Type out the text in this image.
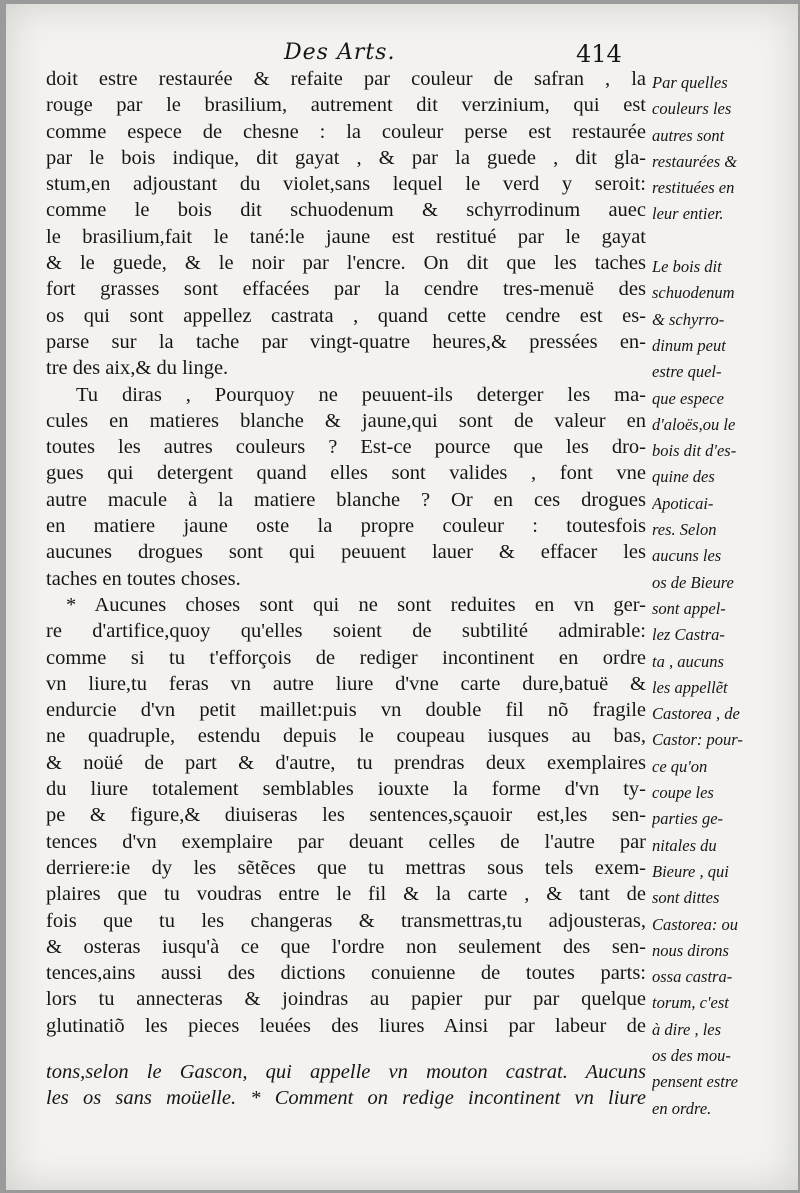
Des Arts.	414
doit estre restaurée & refaite par couleur de safran , la
rouge par le brasilium, autrement dit verzinium, qui est
comme espece de chesne : la couleur perse est restaurée
par le bois indique, dit gayat , & par la guede , dit gla-
stum,en adjoustant du violet,sans lequel le verd y seroit:
comme le bois dit schuodenum & schyrrodinum auec
le brasilium,fait le tané:le jaune est restitué par le gayat
& le guede, & le noir par l'encre. On dit que les taches
fort grasses sont effacées par la cendre tres-menuë des
os qui sont appellez castrata , quand cette cendre est es-
parse sur la tache par vingt-quatre heures,& pressées en-
tre des aix,& du linge.
Tu diras , Pourquoy ne peuuent-ils deterger les ma-
cules en matieres blanche & jaune,qui sont de valeur en
toutes les autres couleurs ? Est-ce pource que les dro-
gues qui detergent quand elles sont valides , font vne
autre macule à la matiere blanche ? Or en ces drogues
en matiere jaune oste la propre couleur : toutesfois
aucunes drogues sont qui peuuent lauer & effacer les
taches en toutes choses.
* Aucunes choses sont qui ne sont reduites en vn ger-
re d'artifice,quoy qu'elles soient de subtilité admirable:
comme si tu t'efforçois de rediger incontinent en ordre
vn liure,tu feras vn autre liure d'vne carte dure,batuë &
endurcie d'vn petit maillet:puis vn double fil nõ fragile
ne quadruple, estendu depuis le coupeau iusques au bas,
& noüé de part & d'autre, tu prendras deux exemplaires
du liure totalement semblables iouxte la forme d'vn ty-
pe & figure,& diuiseras les sentences,sçauoir est,les sen-
tences d'vn exemplaire par deuant celles de l'autre par
derriere:ie dy les sẽtẽces que tu mettras sous tels exem-
plaires que tu voudras entre le fil & la carte , & tant de
fois que tu les changeras & transmettras,tu adjousteras,
& osteras iusqu'à ce que l'ordre non seulement des sen-
tences,ains aussi des dictions conuienne de toutes parts:
lors tu annecteras & joindras au papier pur par quelque
glutinatiõ les pieces leuées des liures Ainsi par labeur de
tons,selon le Gascon, qui appelle vn mouton castrat. Aucuns
les os sans moüelle. * Comment on redige incontinent vn liure
Par quelles
couleurs les
autres sont
restaurées &
restituées en
leur entier.
Le bois dit
schuodenum
& schyrro-
dinum peut
estre quel-
que espece
d'aloës,ou le
bois dit d'es-
quine des
Apoticai-
res. Selon
aucuns les
os de Bieure
sont appel-
lez Castra-
ta , aucuns
les appellẽt
Castorea , de
Castor: pour-
ce qu'on
coupe les
parties ge-
nitales du
Bieure , qui
sont dittes
Castorea: ou
nous dirons
ossa castra-
torum, c'est
à dire , les
os des mou-
pensent estre
en ordre.
